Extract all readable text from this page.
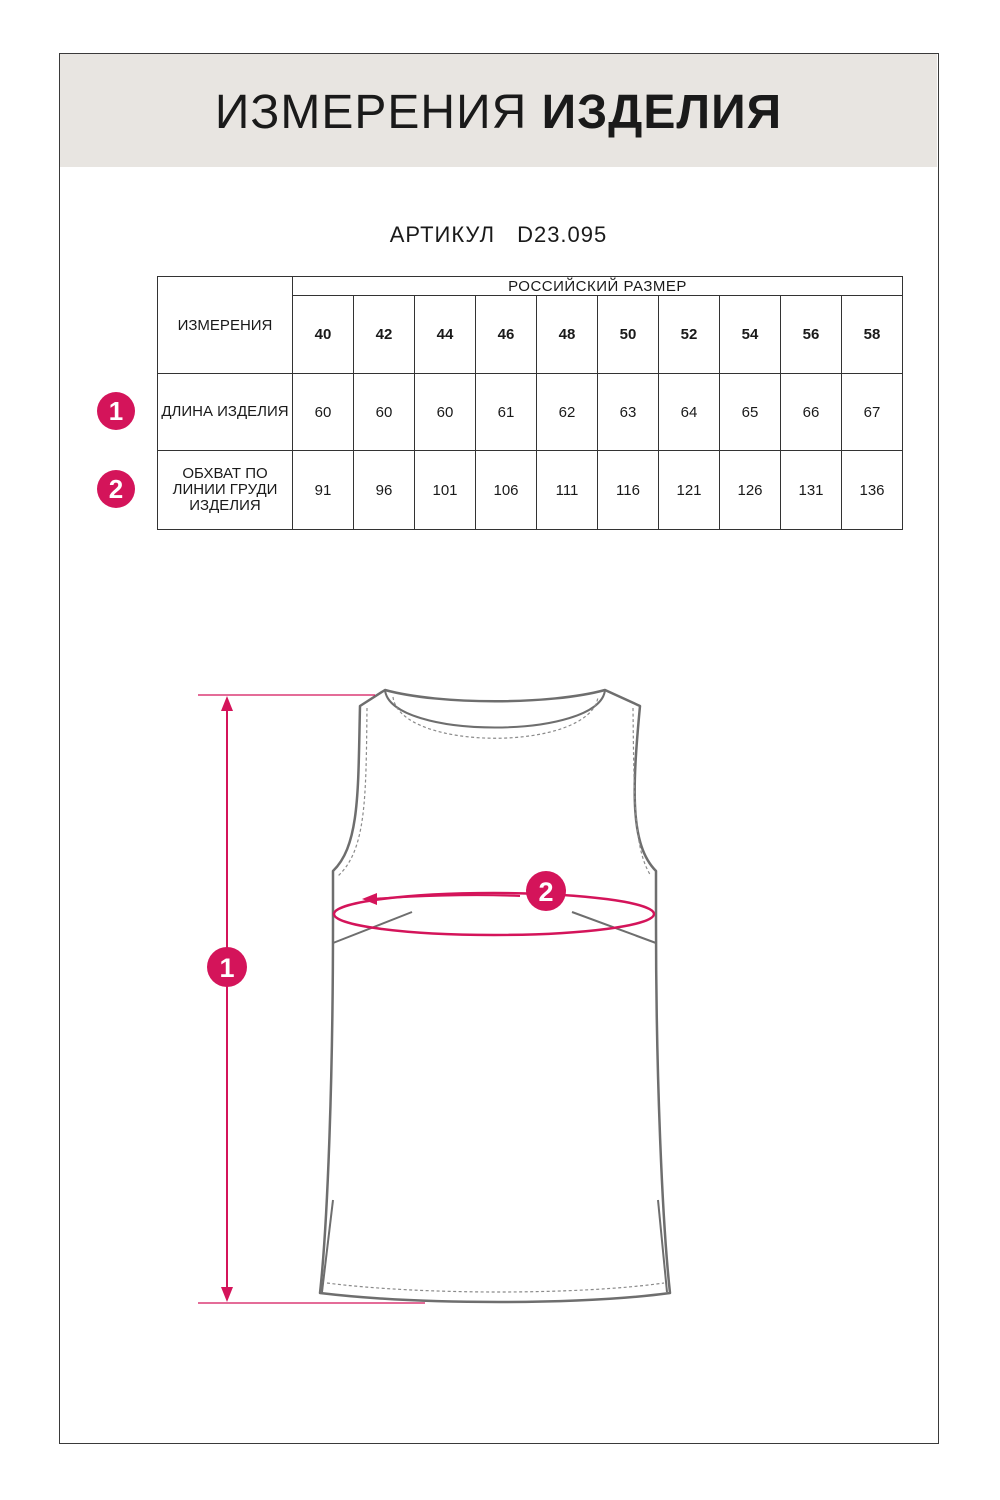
ИЗМЕРЕНИЯ ИЗДЕЛИЯ
АРТИКУЛ D23.095
ИЗМЕРЕНИЯ	РОССИЙСКИЙ РАЗМЕР									
	40	42	44	46	48	50	52	54	56	58
ДЛИНА ИЗДЕЛИЯ	60	60	60	61	62	63	64	65	66	67
ОБХВАТ ПО ЛИНИИ ГРУДИ ИЗДЕЛИЯ	91	96	101	106	111	116	121	126	131	136
1
2
1
2
